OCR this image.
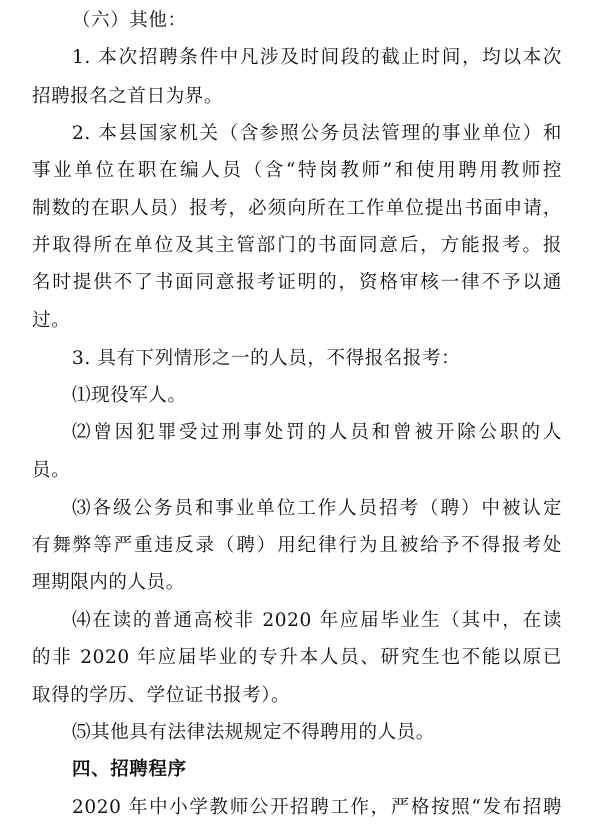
（六）其他：
1. 本次招聘条件中凡涉及时间段的截止时间，均以本次
招聘报名之首日为界。
2. 本县国家机关（含参照公务员法管理的事业单位）和
事业单位在职在编人员（含“特岗教师”和使用聘用教师控
制数的在职人员）报考，必须向所在工作单位提出书面申请，
并取得所在单位及其主管部门的书面同意后，方能报考。报
名时提供不了书面同意报考证明的，资格审核一律不予以通
过。
3. 具有下列情形之一的人员，不得报名报考：
⑴现役军人。
⑵曾因犯罪受过刑事处罚的人员和曾被开除公职的人
员。
⑶各级公务员和事业单位工作人员招考（聘）中被认定
有舞弊等严重违反录（聘）用纪律行为且被给予不得报考处
理期限内的人员。
⑷在读的普通高校非 2020 年应届毕业生（其中，在读
的非 2020 年应届毕业的专升本人员、研究生也不能以原已
取得的学历、学位证书报考）。
⑸其他具有法律法规规定不得聘用的人员。
四、招聘程序
2020 年中小学教师公开招聘工作，严格按照“发布招聘
